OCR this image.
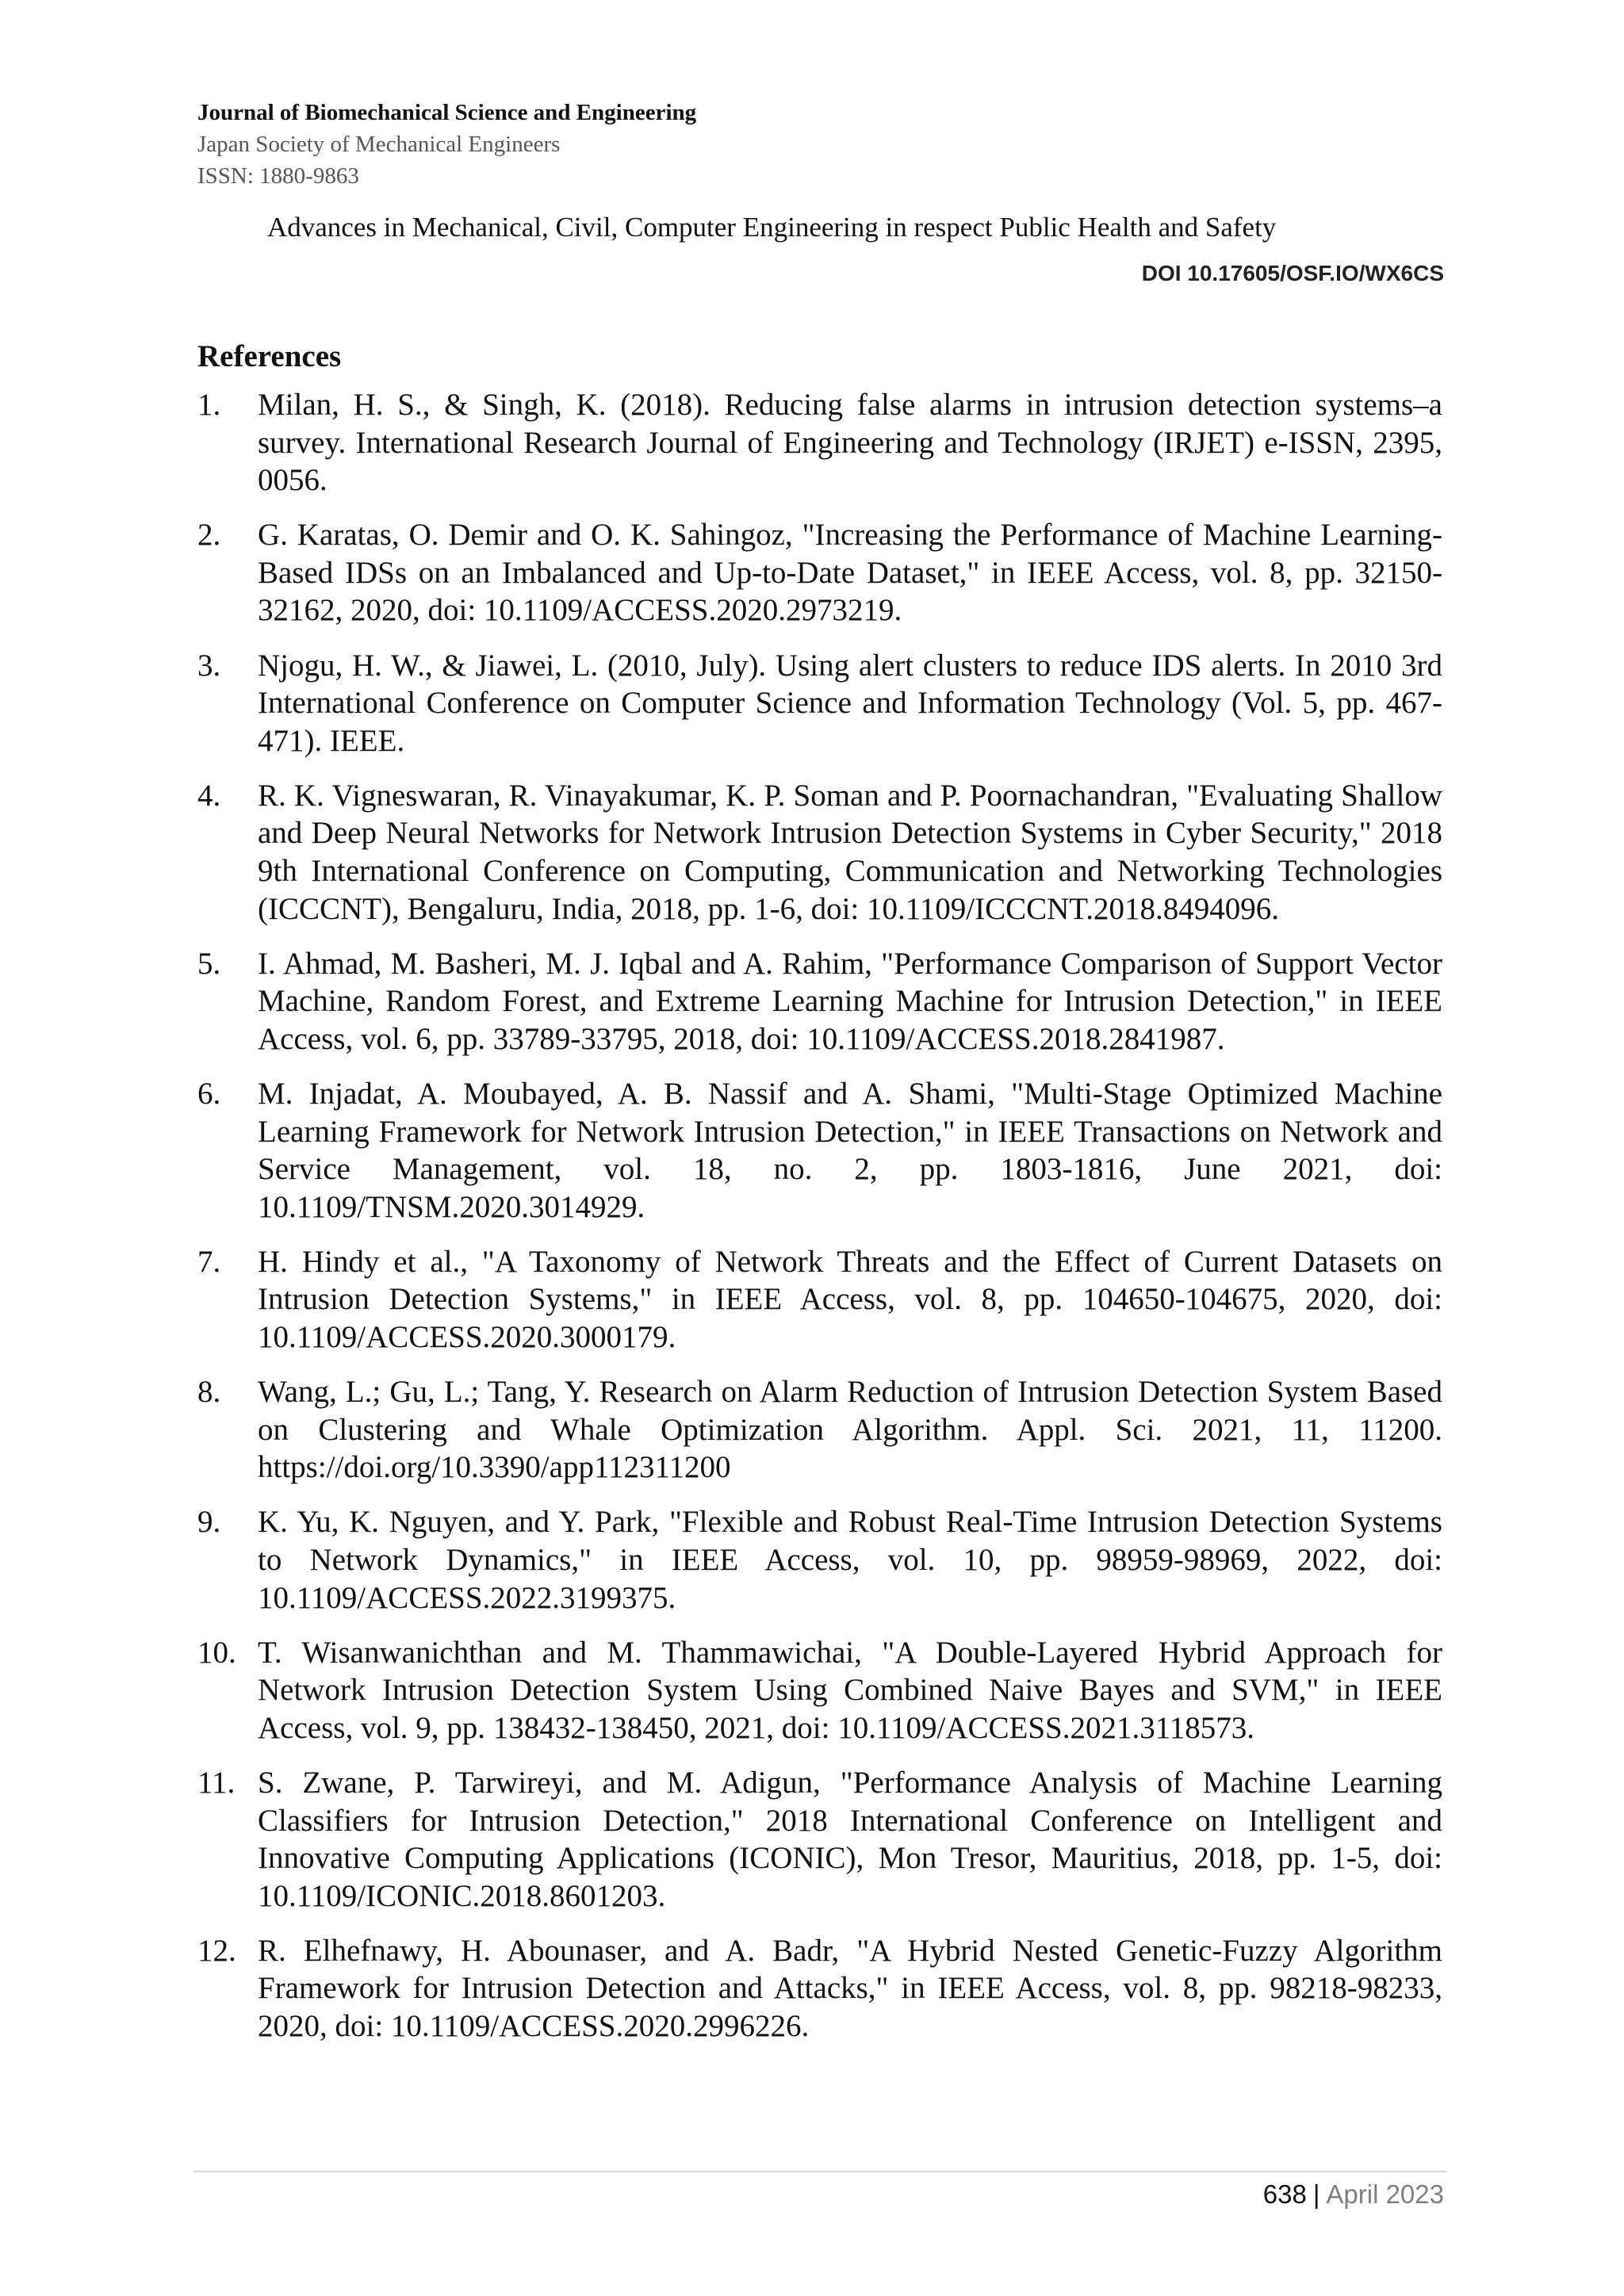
Journal of Biomechanical Science and Engineering
Japan Society of Mechanical Engineers
ISSN: 1880-9863
Advances in Mechanical, Civil, Computer Engineering in respect Public Health and Safety
DOI 10.17605/OSF.IO/WX6CS
References
1.	Milan, H. S., & Singh, K. (2018). Reducing false alarms in intrusion detection systems–a survey. International Research Journal of Engineering and Technology (IRJET) e-ISSN, 2395, 0056.
2.	G. Karatas, O. Demir and O. K. Sahingoz, "Increasing the Performance of Machine Learning-Based IDSs on an Imbalanced and Up-to-Date Dataset," in IEEE Access, vol. 8, pp. 32150-32162, 2020, doi: 10.1109/ACCESS.2020.2973219.
3.	Njogu, H. W., & Jiawei, L. (2010, July). Using alert clusters to reduce IDS alerts. In 2010 3rd International Conference on Computer Science and Information Technology (Vol. 5, pp. 467-471). IEEE.
4.	R. K. Vigneswaran, R. Vinayakumar, K. P. Soman and P. Poornachandran, "Evaluating Shallow and Deep Neural Networks for Network Intrusion Detection Systems in Cyber Security," 2018 9th International Conference on Computing, Communication and Networking Technologies (ICCCNT), Bengaluru, India, 2018, pp. 1-6, doi: 10.1109/ICCCNT.2018.8494096.
5.	I. Ahmad, M. Basheri, M. J. Iqbal and A. Rahim, "Performance Comparison of Support Vector Machine, Random Forest, and Extreme Learning Machine for Intrusion Detection," in IEEE Access, vol. 6, pp. 33789-33795, 2018, doi: 10.1109/ACCESS.2018.2841987.
6.	M. Injadat, A. Moubayed, A. B. Nassif and A. Shami, "Multi-Stage Optimized Machine Learning Framework for Network Intrusion Detection," in IEEE Transactions on Network and Service Management, vol. 18, no. 2, pp. 1803-1816, June 2021, doi: 10.1109/TNSM.2020.3014929.
7.	H. Hindy et al., "A Taxonomy of Network Threats and the Effect of Current Datasets on Intrusion Detection Systems," in IEEE Access, vol. 8, pp. 104650-104675, 2020, doi: 10.1109/ACCESS.2020.3000179.
8.	Wang, L.; Gu, L.; Tang, Y. Research on Alarm Reduction of Intrusion Detection System Based on Clustering and Whale Optimization Algorithm. Appl. Sci. 2021, 11, 11200. https://doi.org/10.3390/app112311200
9.	K. Yu, K. Nguyen, and Y. Park, "Flexible and Robust Real-Time Intrusion Detection Systems to Network Dynamics," in IEEE Access, vol. 10, pp. 98959-98969, 2022, doi: 10.1109/ACCESS.2022.3199375.
10. T. Wisanwanichthan and M. Thammawichai, "A Double-Layered Hybrid Approach for Network Intrusion Detection System Using Combined Naive Bayes and SVM," in IEEE Access, vol. 9, pp. 138432-138450, 2021, doi: 10.1109/ACCESS.2021.3118573.
11. S. Zwane, P. Tarwireyi, and M. Adigun, "Performance Analysis of Machine Learning Classifiers for Intrusion Detection," 2018 International Conference on Intelligent and Innovative Computing Applications (ICONIC), Mon Tresor, Mauritius, 2018, pp. 1-5, doi: 10.1109/ICONIC.2018.8601203.
12. R. Elhefnawy, H. Abounaser, and A. Badr, "A Hybrid Nested Genetic-Fuzzy Algorithm Framework for Intrusion Detection and Attacks," in IEEE Access, vol. 8, pp. 98218-98233, 2020, doi: 10.1109/ACCESS.2020.2996226.
638 | April 2023
